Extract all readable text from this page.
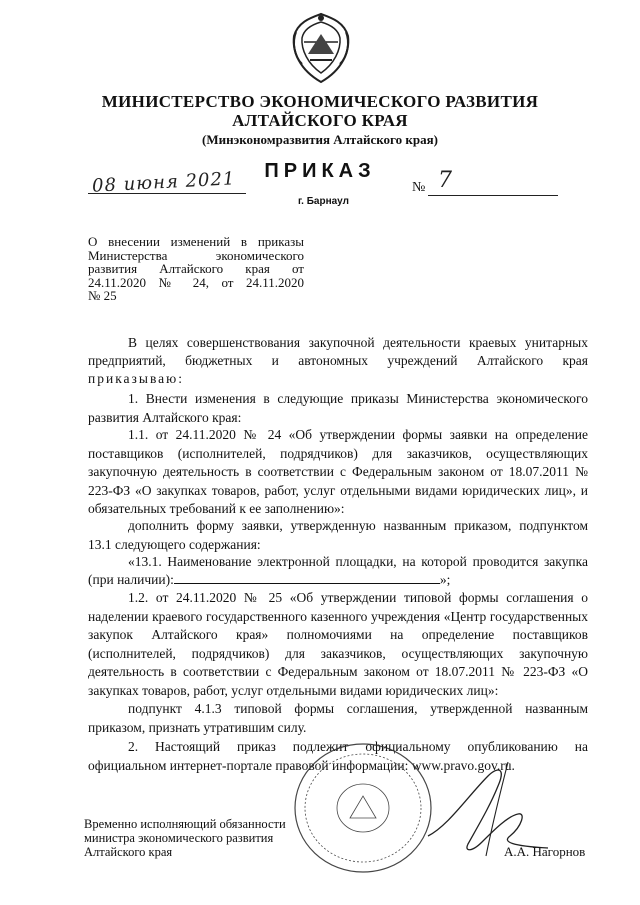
МИНИСТЕРСТВО ЭКОНОМИЧЕСКОГО РАЗВИТИЯ
АЛТАЙСКОГО КРАЯ
(Минэкономразвития Алтайского края)
ПРИКАЗ
08 июня 2021
г. Барнаул
№ 7
О внесении изменений в приказы
Министерства экономического
развития Алтайского края от
24.11.2020 № 24, от 24.11.2020
№ 25
В целях совершенствования закупочной деятельности краевых унитарных
предприятий, бюджетных и автономных учреждений Алтайского края
приказываю:
1. Внести изменения в следующие приказы Министерства экономического развития Алтайского края:
1.1. от 24.11.2020 № 24 «Об утверждении формы заявки на определение поставщиков (исполнителей, подрядчиков) для заказчиков, осуществляющих закупочную деятельность в соответствии с Федеральным законом от 18.07.2011 № 223-ФЗ «О закупках товаров, работ, услуг отдельными видами юридических лиц», и обязательных требований к ее заполнению»:
дополнить форму заявки, утвержденную названным приказом, подпунктом 13.1 следующего содержания:
«13.1. Наименование электронной площадки, на которой проводится закупка
(при наличии):	»;
1.2. от 24.11.2020 № 25 «Об утверждении типовой формы соглашения о наделении краевого государственного казенного учреждения «Центр государственных закупок Алтайского края» полномочиями на определение поставщиков (исполнителей, подрядчиков) для заказчиков, осуществляющих закупочную деятельность в соответствии с Федеральным законом от 18.07.2011 № 223-ФЗ «О закупках товаров, работ, услуг отдельными видами юридических лиц»:
подпункт 4.1.3 типовой формы соглашения, утвержденной названным приказом, признать утратившим силу.
2. Настоящий приказ подлежит официальному опубликованию на официальном интернет-портале правовой информации: www.pravo.gov.ru.
Временно исполняющий обязанности
министра экономического развития
Алтайского края	А.А. Нагорнов
